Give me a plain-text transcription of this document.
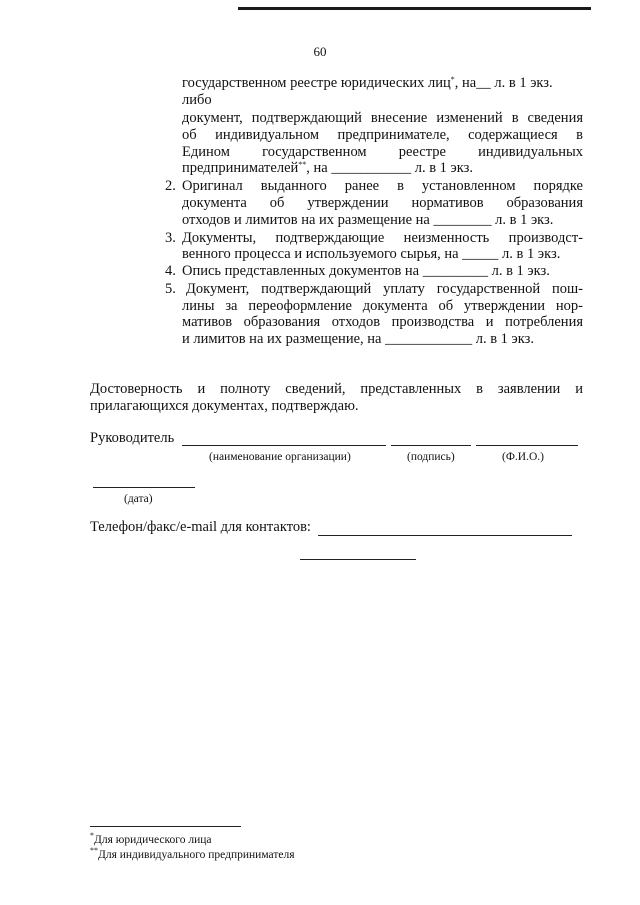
60
государственном реестре юридических лиц*, на__ л. в 1 экз.
либо
документ, подтверждающий внесение изменений в сведения
об индивидуальном предпринимателе, содержащиеся в
Едином государственном реестре индивидуальных
предпринимателей**, на ___________ л. в 1 экз.
2. Оригинал выданного ранее в установленном порядке
документа об утверждении нормативов образования
отходов и лимитов на их размещение на ________ л. в 1 экз.
3. Документы, подтверждающие неизменность производст-
венного процесса и используемого сырья, на _____ л. в 1 экз.
4. Опись представленных документов на _________ л. в 1 экз.
5. Документ, подтверждающий уплату государственной пош-
лины за переоформление документа об утверждении нор-
мативов образования отходов производства и потребления
и лимитов на их размещение, на ____________ л. в 1 экз.
Достоверность и полноту сведений, представленных в заявлении и
прилагающихся документах, подтверждаю.
Руководитель
(наименование организации)	(подпись)	(Ф.И.О.)
(дата)
Телефон/факс/e-mail для контактов:
*Для юридического лица
**Для индивидуального предпринимателя
